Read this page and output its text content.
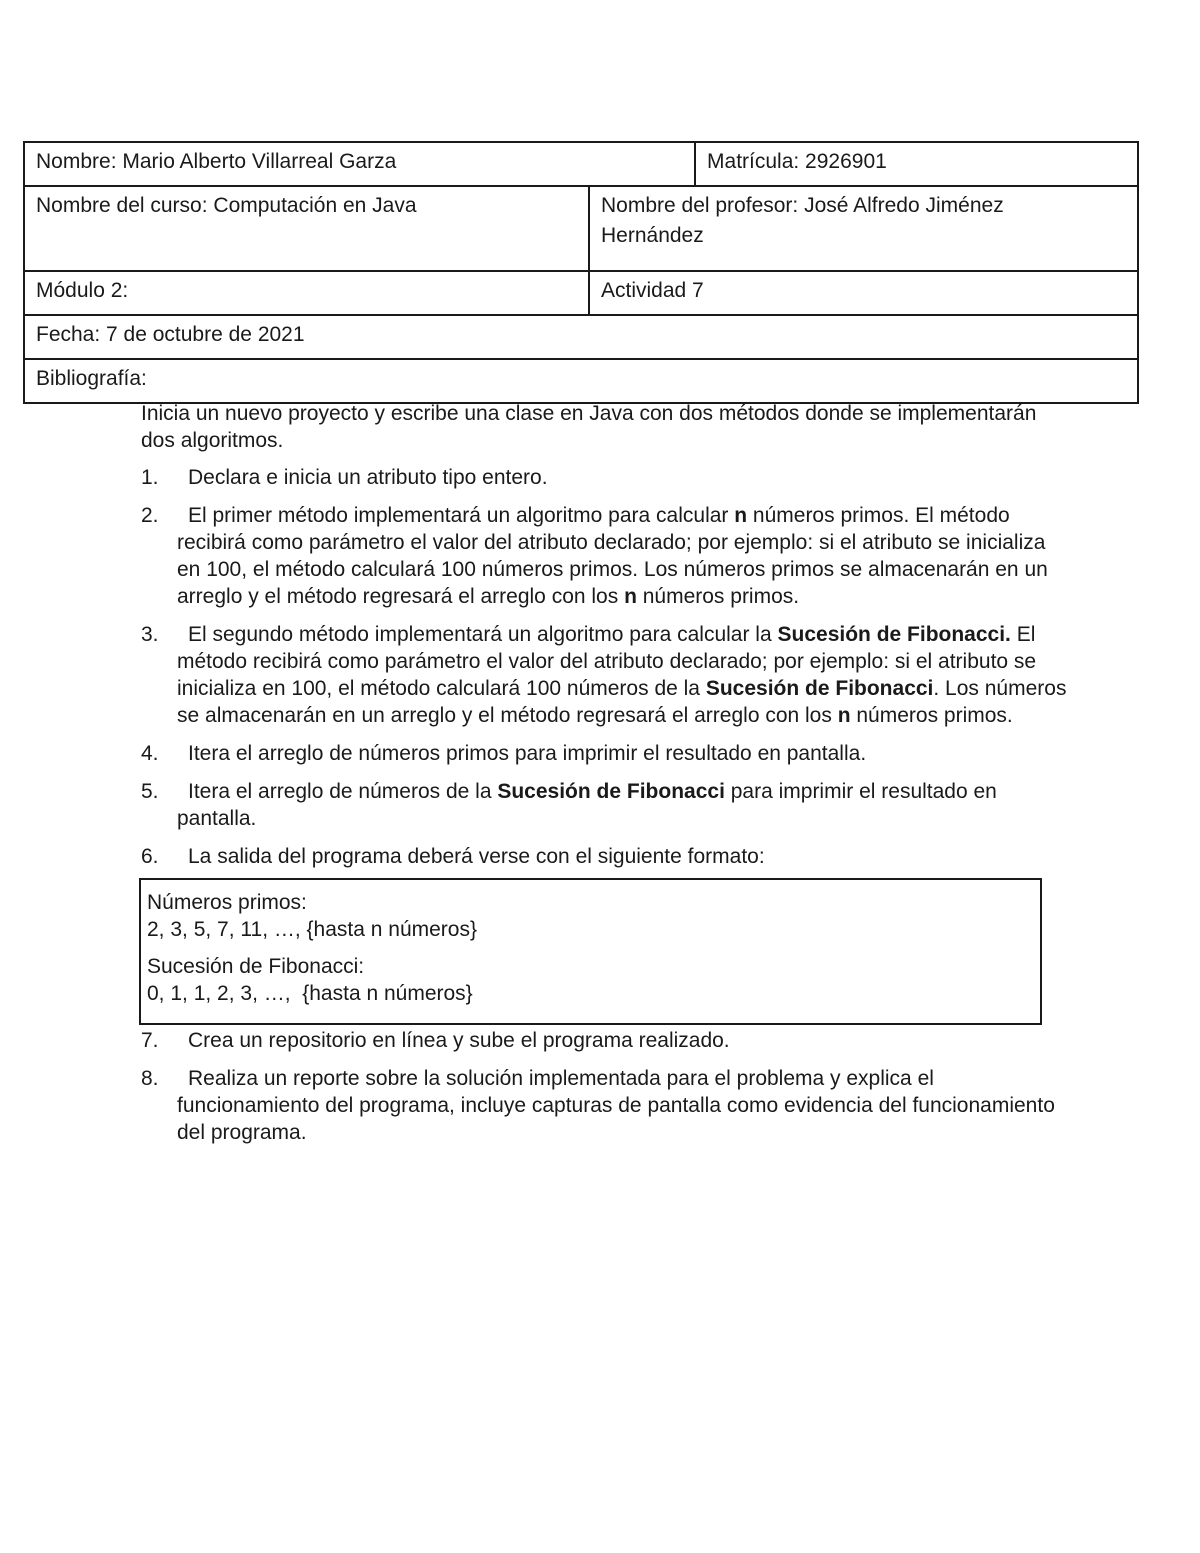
Nombre: Mario Alberto Villarreal Garza		Matrícula: 2926901
Nombre del curso: Computación en Java	Nombre del profesor: José Alfredo Jiménez
Hernández	

Módulo 2:	Actividad 7	
Fecha: 7 de octubre de 2021		
Bibliografía:		

Inicia un nuevo proyecto y escribe una clase en Java con dos métodos donde se implementarán dos algoritmos.

1.	Declara e inicia un atributo tipo entero.
2.	El primer método implementará un algoritmo para calcular n números primos. El método recibirá como parámetro el valor del atributo declarado; por ejemplo: si el atributo se inicializa en 100, el método calculará 100 números primos. Los números primos se almacenarán en un arreglo y el método regresará el arreglo con los n números primos.
3.	El segundo método implementará un algoritmo para calcular la Sucesión de Fibonacci. El método recibirá como parámetro el valor del atributo declarado; por ejemplo: si el atributo se inicializa en 100, el método calculará 100 números de la Sucesión de Fibonacci. Los números se almacenarán en un arreglo y el método regresará el arreglo con los n números primos.
4.	Itera el arreglo de números primos para imprimir el resultado en pantalla.
5.	Itera el arreglo de números de la Sucesión de Fibonacci para imprimir el resultado en pantalla.
6.	La salida del programa deberá verse con el siguiente formato:
Números primos:
2, 3, 5, 7, 11, …, {hasta n números}
Sucesión de Fibonacci:
0, 1, 1, 2, 3, …,  {hasta n números}
7.	Crea un repositorio en línea y sube el programa realizado.
8.	Realiza un reporte sobre la solución implementada para el problema y explica el funcionamiento del programa, incluye capturas de pantalla como evidencia del funcionamiento del programa.
